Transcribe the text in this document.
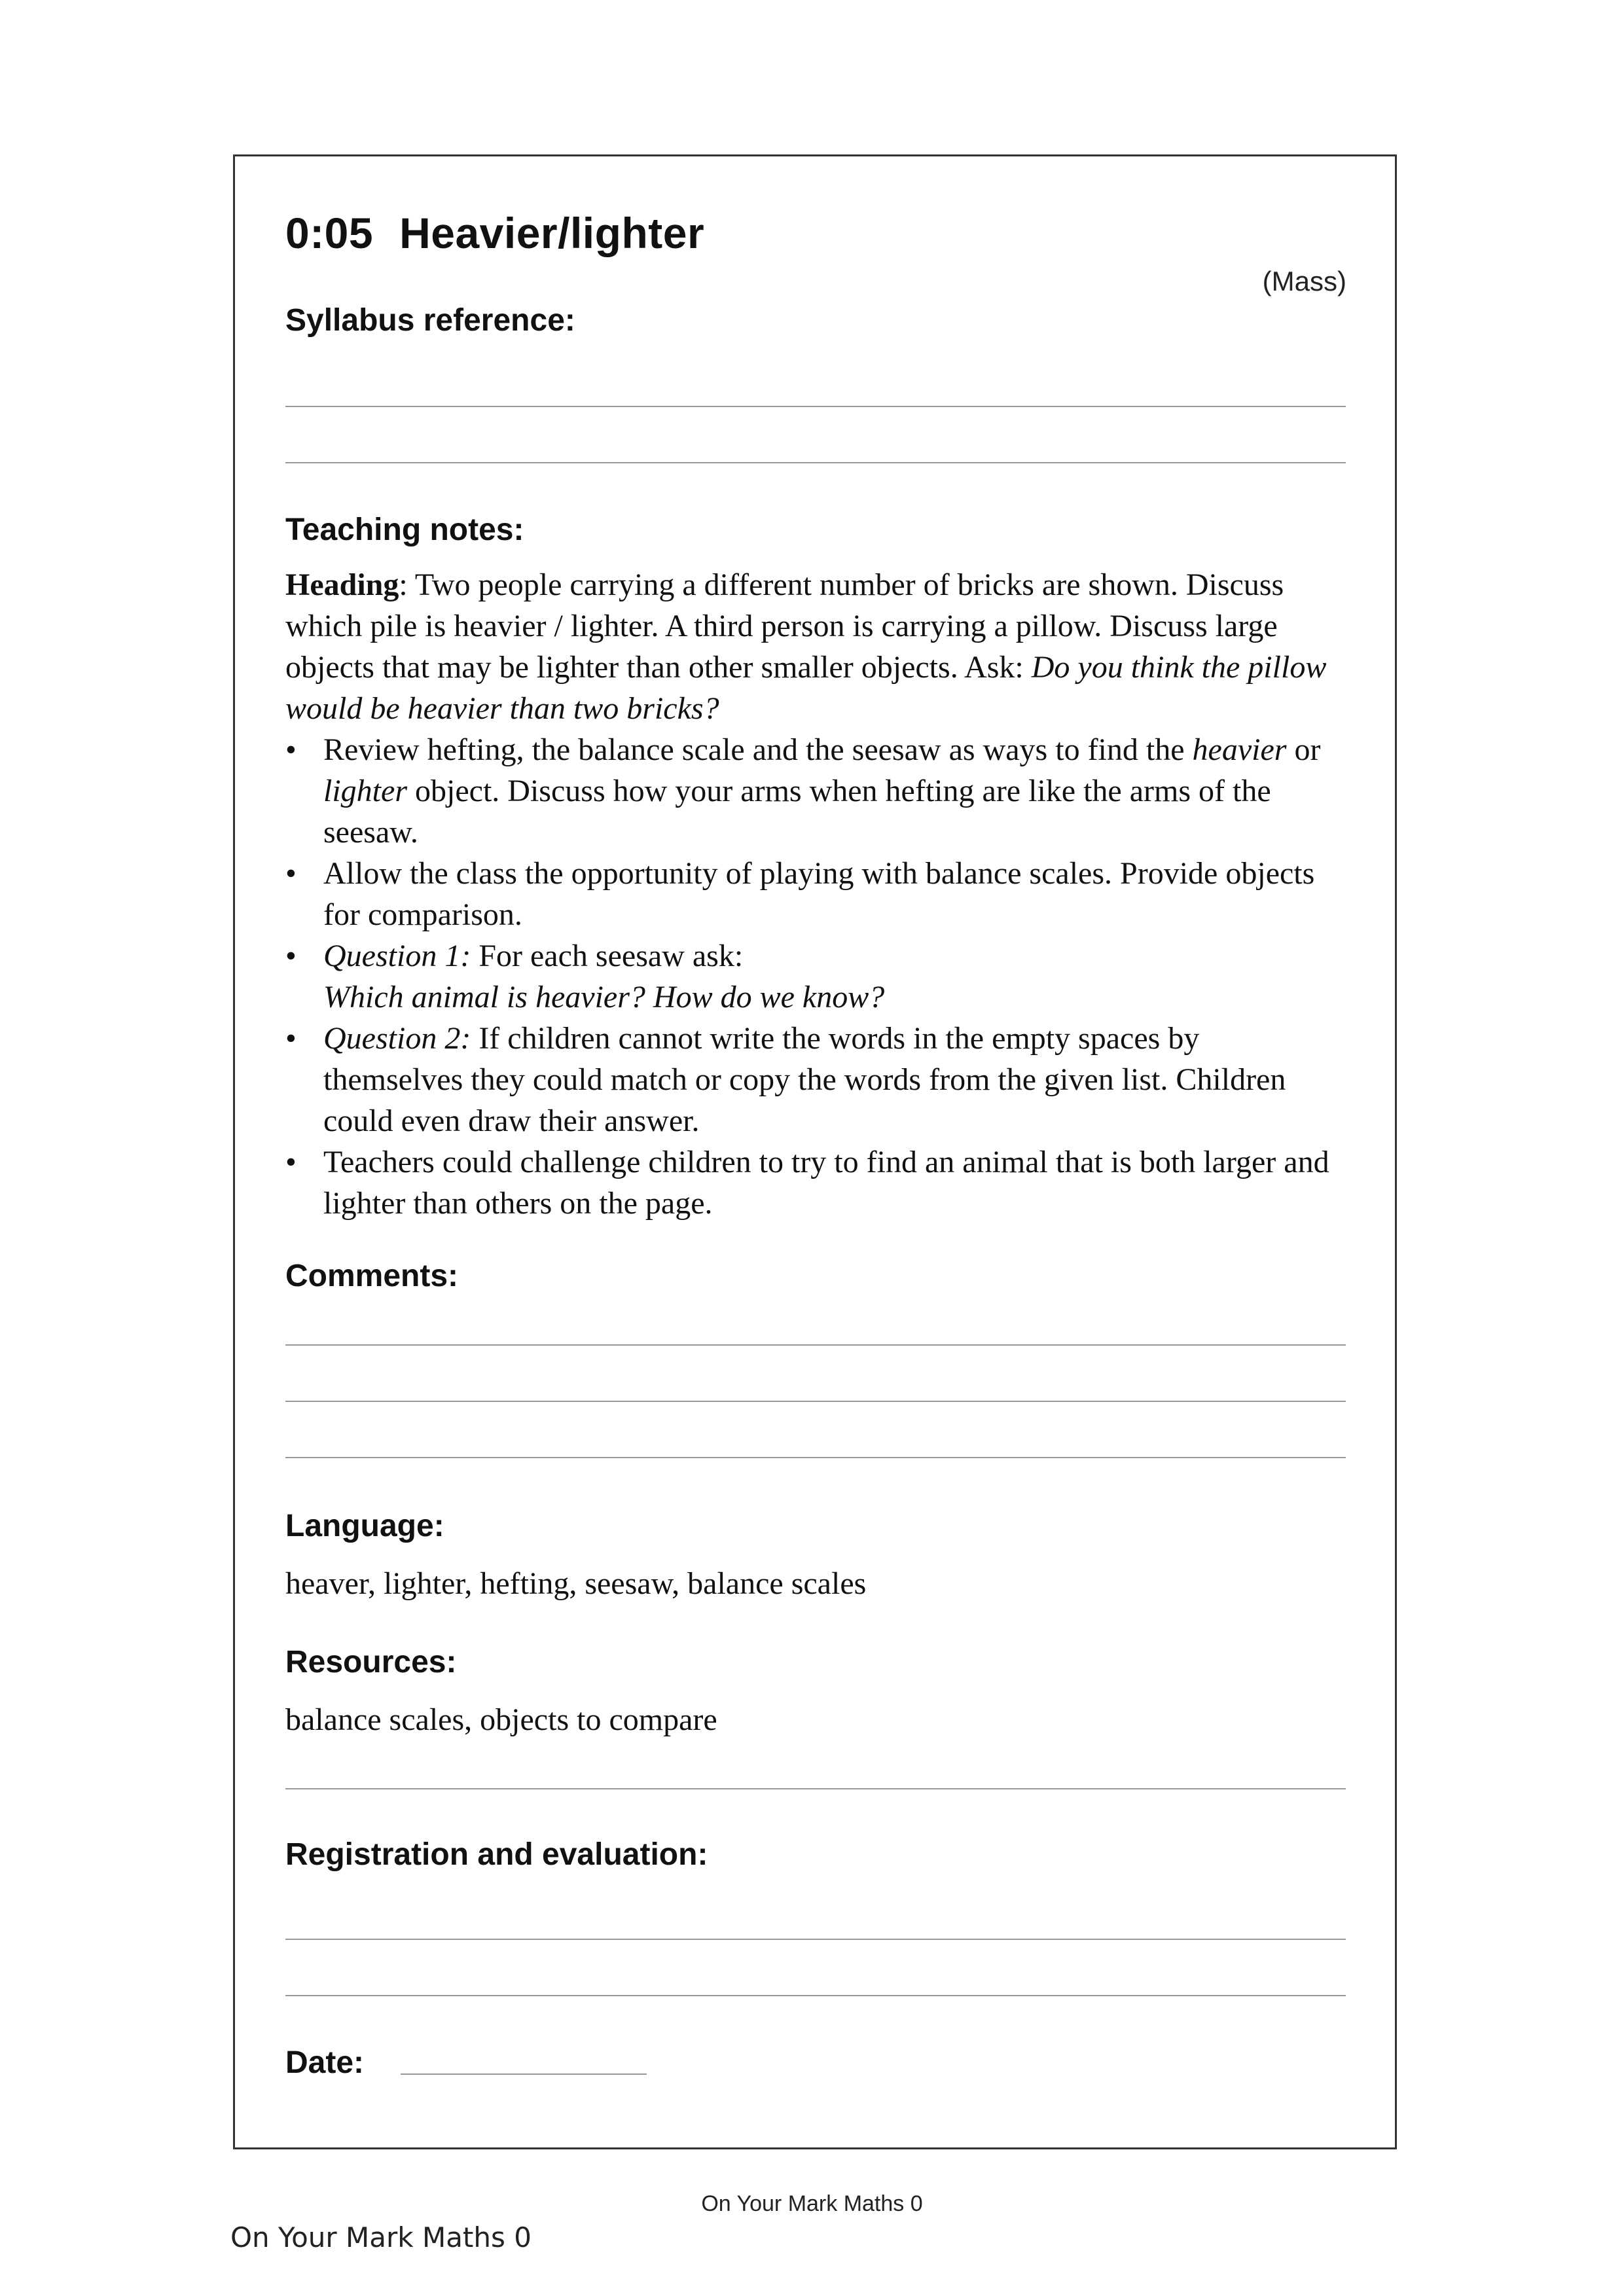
0:05 Heavier/lighter
(Mass)
Syllabus reference:
Teaching notes:

Heading: Two people carrying a different number of bricks are shown. Discuss which pile is heavier / lighter. A third person is carrying a pillow. Discuss large objects that may be lighter than other smaller objects. Ask: Do you think the pillow would be heavier than two bricks?

• Review hefting, the balance scale and the seesaw as ways to find the heavier or lighter object. Discuss how your arms when hefting are like the arms of the seesaw.
• Allow the class the opportunity of playing with balance scales. Provide objects for comparison.
• Question 1: For each seesaw ask: Which animal is heavier? How do we know?
• Question 2: If children cannot write the words in the empty spaces by themselves they could match or copy the words from the given list. Children could even draw their answer.
• Teachers could challenge children to try to find an animal that is both larger and lighter than others on the page.
Comments:
Language:

heaver, lighter, hefting, seesaw, balance scales

Resources:

balance scales, objects to compare

Registration and evaluation:
Date:
On Your Mark Maths 0
On Your Mark Maths 0
